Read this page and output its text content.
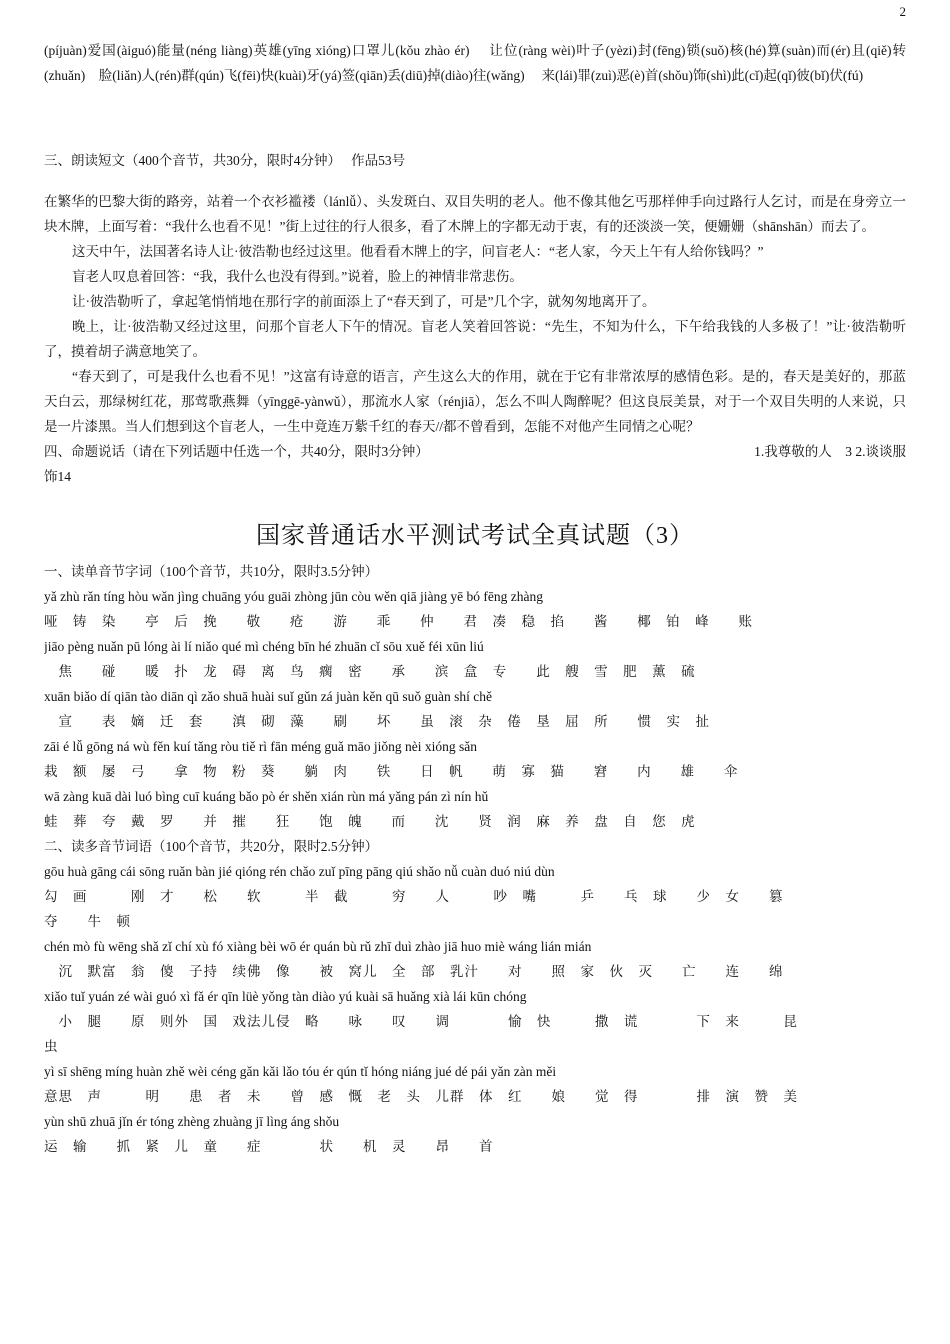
2
(píjuàn)爱国(àiguó)能量(néng liàng)英雄(yīng xióng)口罩儿(kǒu zhào ér)　 让位(ràng wèi)叶子(yèzi)封(fēng)锁(suǒ)核(hé)算(suàn)而(ér)且(qiě)转(zhuǎn)　脸(liǎn)人(rén)群(qún)飞(fēi)快(kuài)牙(yá)签(qiān)丢(diū)掉(diào)往(wǎng)　 来(lái)罪(zuì)恶(è)首(shǒu)饰(shì)此(cǐ)起(qǐ)彼(bǐ)伏(fú)
三、朗读短文（400个音节，共30分，限时4分钟）　 作品53号
在繁华的巴黎大街的路旁，站着一个衣衫褴褛（lánlǚ）、头发斑白、双目失明的老人。他不像其他乞丐那样伸手向过路行人乞讨，而是在身旁立一块木牌，上面写着：“我什么也看不见！”街上过往的行人很多，看了木牌上的字都无动于衷，有的还淡淡一笑，便姗姗（shānshān）而去了。
这天中午，法国著名诗人让·彼浩勒也经过这里。他看看木牌上的字，问盲老人：“老人家，今天上午有人给你钱吗？”
盲老人叹息着回答：“我，我什么也没有得到。”说着，脸上的神情非常悲伤。
让·彼浩勒听了，拿起笔悄悄地在那行字的前面添上了“春天到了，可是”几个字，就匆匆地离开了。
晚上，让·彼浩勒又经过这里，问那个盲老人下午的情况。盲老人笑着回答说：“先生，不知为什么，下午给我钱的人多极了！”让·彼浩勒听了，摸着胡子满意地笑了。
“春天到了，可是我什么也看不见！”这富有诗意的语言，产生这么大的作用，就在于它有非常浓厚的感情色彩。是的，春天是美好的，那蓝天白云，那绿树红花，那莺歌燕舞（yīnggē-yànwǔ），那流水人家（rénjiā），怎么不叫人陶醉呢？但这良辰美景，对于一个双目失明的人来说，只是一片漆黑。当人们想到这个盲老人，一生中竟连万紫千红的春天//都不曾看到，怎能不对他产生同情之心呢？
四、命题说话（请在下列话题中任选一个，共40分，限时3分钟）	1.我尊敬的人　3 2.谈谈服
饰14
国家普通话水平测试考试全真试题（3）
一、读单音节字词（100个音节，共10分，限时3.5分钟）
yǎ zhù rǎn tíng hòu wǎn jìng chuāng yóu guāi zhòng jūn còu wěn qiā jiàng yē bó fēng zhàng
哑 铸　染　 亭　后　挽　 敬　 疮　 游　 乖　 仲　 君　凑　稳　掐　 酱　 椰 铂　峰　 账
jiāo pèng nuǎn pū lóng ài lí niǎo qué mì chéng bīn hé zhuān cǐ sōu xuě féi xūn liú
　焦　 碰　 暖　扑　龙　碍 离　鸟　瘸　密　 承　 滨　盒　专　 此 艘　雪　肥　薰　硫
xuān biǎo dí qiān tào diān qì zǎo shuā huài suǐ gǔn zá juàn kěn qū suǒ guàn shí chě
　宣　 表　嫡　迁　套　 滇　砌 藻　 刷　 坏　 虽　滚　杂　倦　垦　屈 所　 惯　实　扯
zāi é lǚ gōng ná wù fěn kuí tǎng ròu tiě rì fān méng guǎ māo jiǒng nèi xióng sǎn
栽　额 屡　弓　 拿 物 粉　葵　 躺　肉　 铁　 日 帆　 萌　寡　猫　 窘　 内　 雄　 伞
wā zàng kuā dài luó bìng cuī kuáng bǎo pò ér shěn xián rùn má yǎng pán zì nín hǔ
蛙　葬　夸　戴　罗　 并　摧　 狂　 饱　魄　 而　 沈　 贤　润　麻　养　盘　自 您　虎
二、读多音节词语（100个音节，共20分，限时2.5分钟）
gōu huà gāng cái sōng ruǎn bàn jié qióng rén chǎo zuǐ pīng pāng qiú shǎo nǚ cuàn duó niú dùn
勾　画　　　刚　才　　松　　软　　　半　截　　　穷　　人　　　吵　嘴　　　乒　　乓　球　　少　女　　篡
夺　　牛　顿
chén mò fù wēng shǎ zǐ chí xù fó xiàng bèi wō ér quán bù rǔ zhī duì zhào jiā huo miè wáng lián mián
　沉　默富　翁　傻　子持　续佛　像　　被　窝儿　全　部　乳汁　　对　　照　家　伙　灭　　亡　　连　　绵
xiǎo tuǐ yuán zé wài guó xì fǎ ér qīn lüè yǒng tàn diào yú kuài sā huǎng xià lái kūn chóng
　小　腿　　原　则外　国　戏法儿侵　略　　咏　　叹　　调　　　　愉 快　　　撒　谎　　　　下　来　　　昆
虫
yì sī shēng míng huàn zhě wèi céng gǎn kǎi lǎo tóu ér qún tǐ hóng niáng jué dé pái yǎn zàn měi
意思　声　　　明　　患　者　未　　曾　感　慨　老　头　儿群　体　红　　娘　　觉　得　　　　排　演　赞　美
yùn shū zhuā jǐn ér tóng zhèng zhuàng jī lìng áng shǒu
运　输　　抓　紧　儿　童　　症　　　　状　　机　灵　　昂　　首
